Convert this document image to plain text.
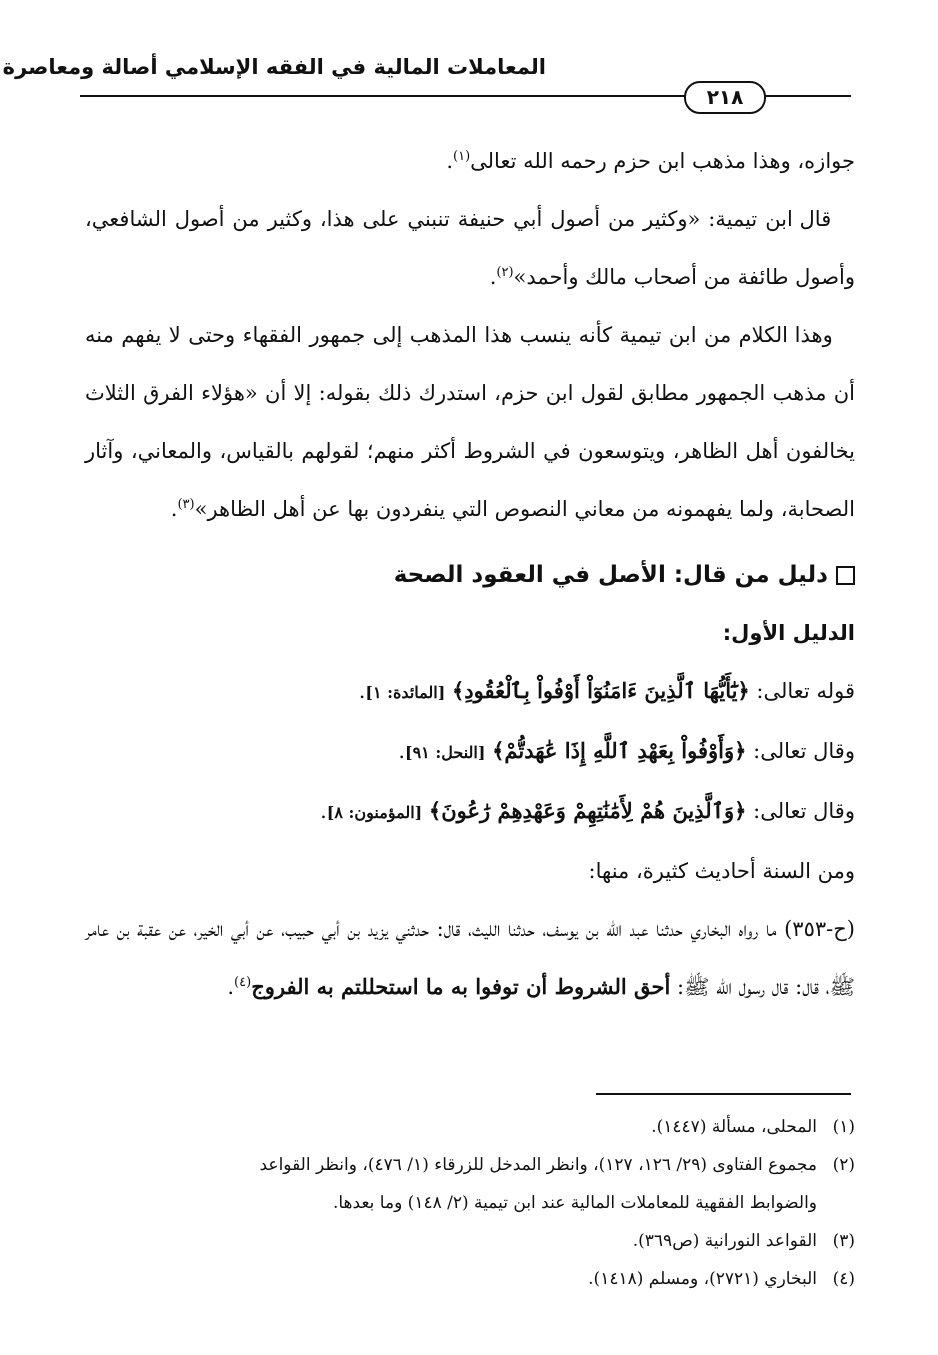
المعاملات المالية في الفقه الإسلامي أصالة ومعاصرة
٢١٨

جوازه، وهذا مذهب ابن حزم رحمه الله تعالى$^{(١)}$.

قال ابن تيمية: «وكثير من أصول أبي حنيفة تنبني على هذا، وكثير من أصول الشافعي، وأصول طائفة من أصحاب مالك وأحمد»$^{(٢)}$.

وهذا الكلام من ابن تيمية كأنه ينسب هذا المذهب إلى جمهور الفقهاء وحتى لا يفهم منه أن مذهب الجمهور مطابق لقول ابن حزم، استدرك ذلك بقوله: إلا أن «هؤلاء الفرق الثلاث يخالفون أهل الظاهر، ويتوسعون في الشروط أكثر منهم؛ لقولهم بالقياس، والمعاني، وآثار الصحابة، ولما يفهمونه من معاني النصوص التي ينفردون بها عن أهل الظاهر»$^{(٣)}$.

دليل من قال: الأصل في العقود الصحة

الدليل الأول:

قوله تعالى: ﴿يَٰٓأَيُّهَا ٱلَّذِينَ ءَامَنُوٓاْ أَوْفُواْ بِٱلْعُقُودِ﴾ [المائدة: ١].

وقال تعالى: ﴿وَأَوْفُواْ بِعَهْدِ ٱللَّهِ إِذَا عَٰهَدتُّمْ﴾ [النحل: ٩١].

وقال تعالى: ﴿وَٱلَّذِينَ هُمْ لِأَمَٰنَٰتِهِمْ وَعَهْدِهِمْ رَٰعُونَ﴾ [المؤمنون: ٨].

ومن السنة أحاديث كثيرة، منها:

(ح-٣٥٣) ما رواه البخاري حدثنا عبد الله بن يوسف، حدثنا الليث، قال: حدثني يزيد بن أبي حبيب، عن أبي الخير، عن عقبة بن عامر ﷺ، قال: قال رسول الله ﷺ: أحق الشروط أن توفوا به ما استحللتم به الفروج$^{(٤)}$.

(١)المحلى، مسألة (١٤٤٧).

(٢)مجموع الفتاوى (٢٩/ ١٢٦، ١٢٧)، وانظر المدخل للزرقاء (١/ ٤٧٦)، وانظر القواعد

والضوابط الفقهية للمعاملات المالية عند ابن تيمية (٢/ ١٤٨) وما بعدها.

(٣)القواعد النورانية (ص٣٦٩).

(٤)البخاري (٢٧٢١)، ومسلم (١٤١٨).
